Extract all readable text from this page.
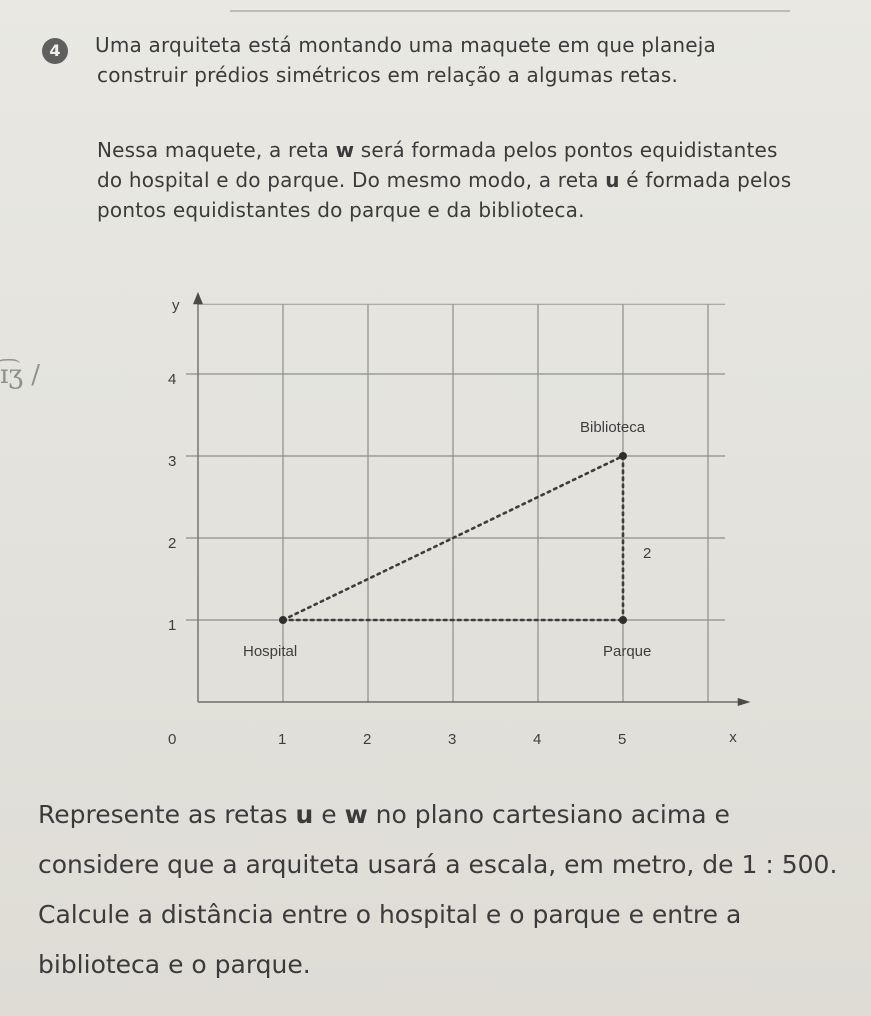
ɪ͡ʒ /
4	Uma arquiteta está montando uma maquete em que planeja construir prédios simétricos em relação a algumas retas.

Nessa maquete, a reta w será formada pelos pontos equidistantes do hospital e do parque. Do mesmo modo, a reta u é formada pelos pontos equidistantes do parque e da biblioteca.

0	1	2	3	4	5
1
2
3
4
x
y
2
Hospital	Parque
Biblioteca

Represente as retas u e w no plano cartesiano acima e considere que a arquiteta usará a escala, em metro, de 1 : 500. Calcule a distância entre o hospital e o parque e entre a biblioteca e o parque.
